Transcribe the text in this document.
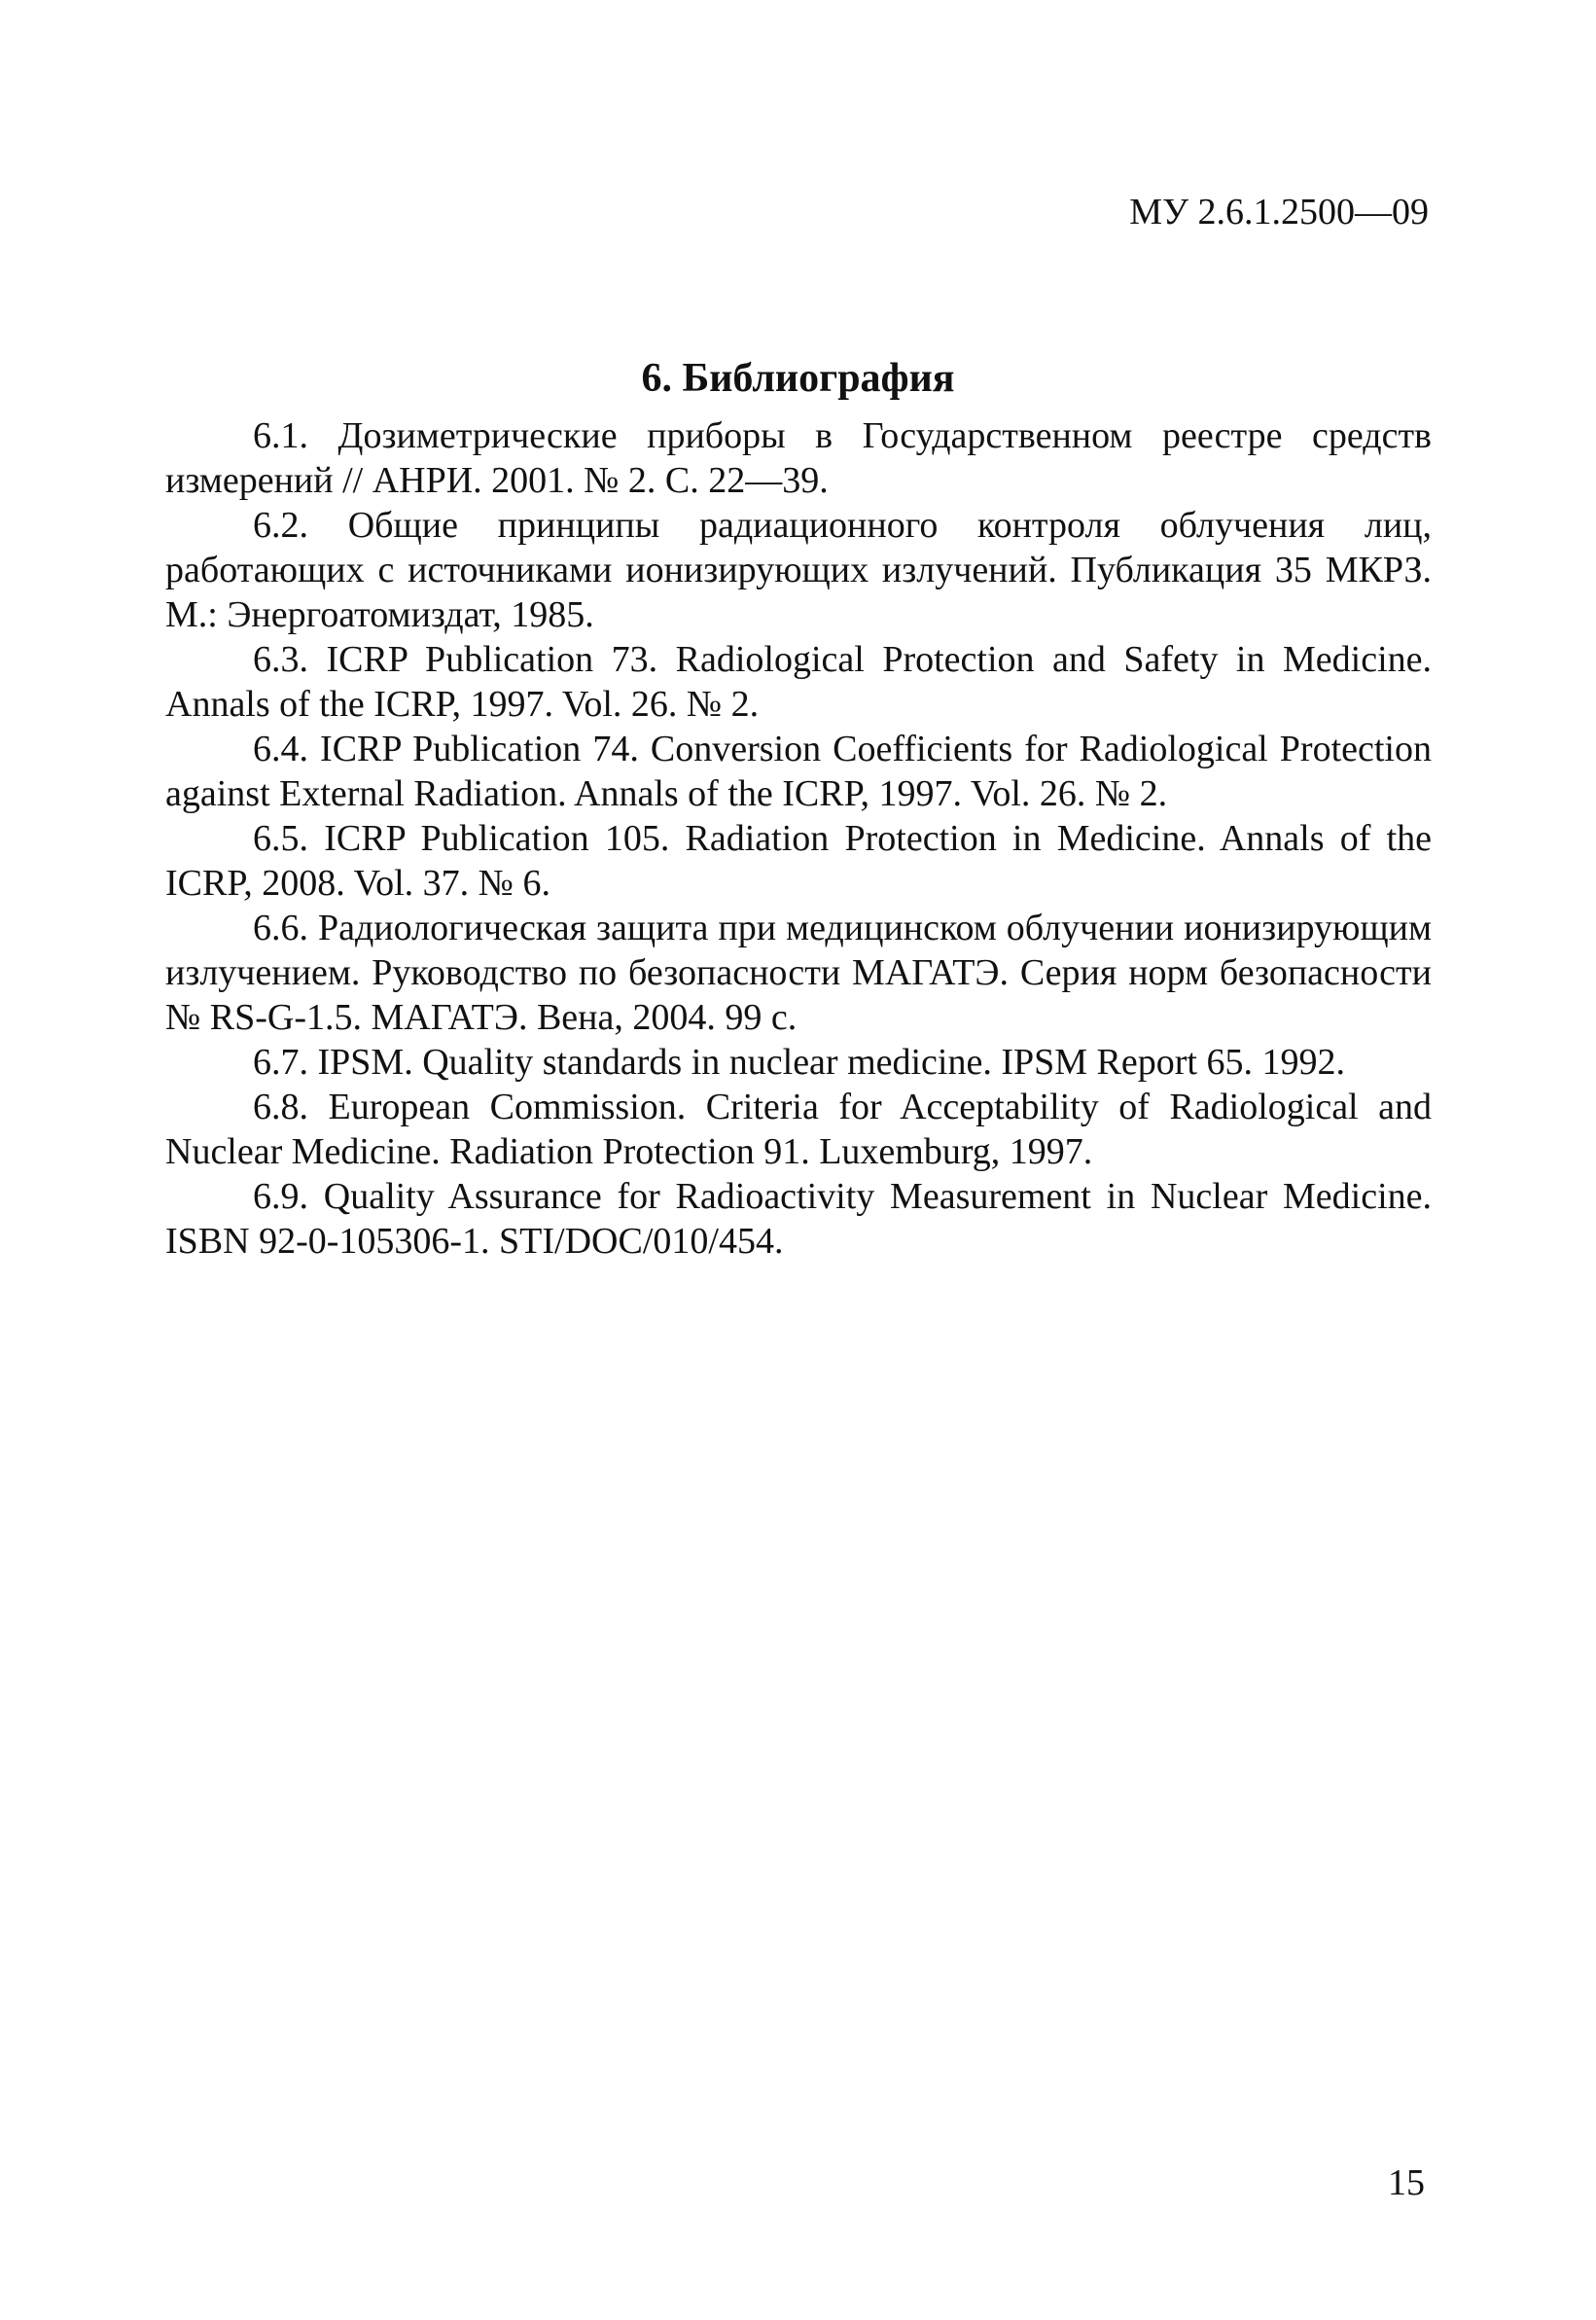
МУ 2.6.1.2500—09
6. Библиография
6.1. Дозиметрические приборы в Государственном реестре средств измерений // АНРИ. 2001. № 2. С. 22—39.
6.2. Общие принципы радиационного контроля облучения лиц, работающих с источниками ионизирующих излучений. Публикация 35 МКРЗ. М.: Энергоатомиздат, 1985.
6.3. ICRP Publication 73. Radiological Protection and Safety in Medicine. Annals of the ICRP, 1997. Vol. 26. № 2.
6.4. ICRP Publication 74. Conversion Coefficients for Radiological Protection against External Radiation. Annals of the ICRP, 1997. Vol. 26. № 2.
6.5. ICRP Publication 105. Radiation Protection in Medicine. Annals of the ICRP, 2008. Vol. 37. № 6.
6.6. Радиологическая защита при медицинском облучении ионизирующим излучением. Руководство по безопасности МАГАТЭ. Серия норм безопасности № RS-G-1.5. МАГАТЭ. Вена, 2004. 99 с.
6.7. IPSM. Quality standards in nuclear medicine. IPSM Report 65. 1992.
6.8. European Commission. Criteria for Acceptability of Radiological and Nuclear Medicine. Radiation Protection 91. Luxemburg, 1997.
6.9. Quality Assurance for Radioactivity Measurement in Nuclear Medicine. ISBN 92-0-105306-1. STI/DOC/010/454.
15
